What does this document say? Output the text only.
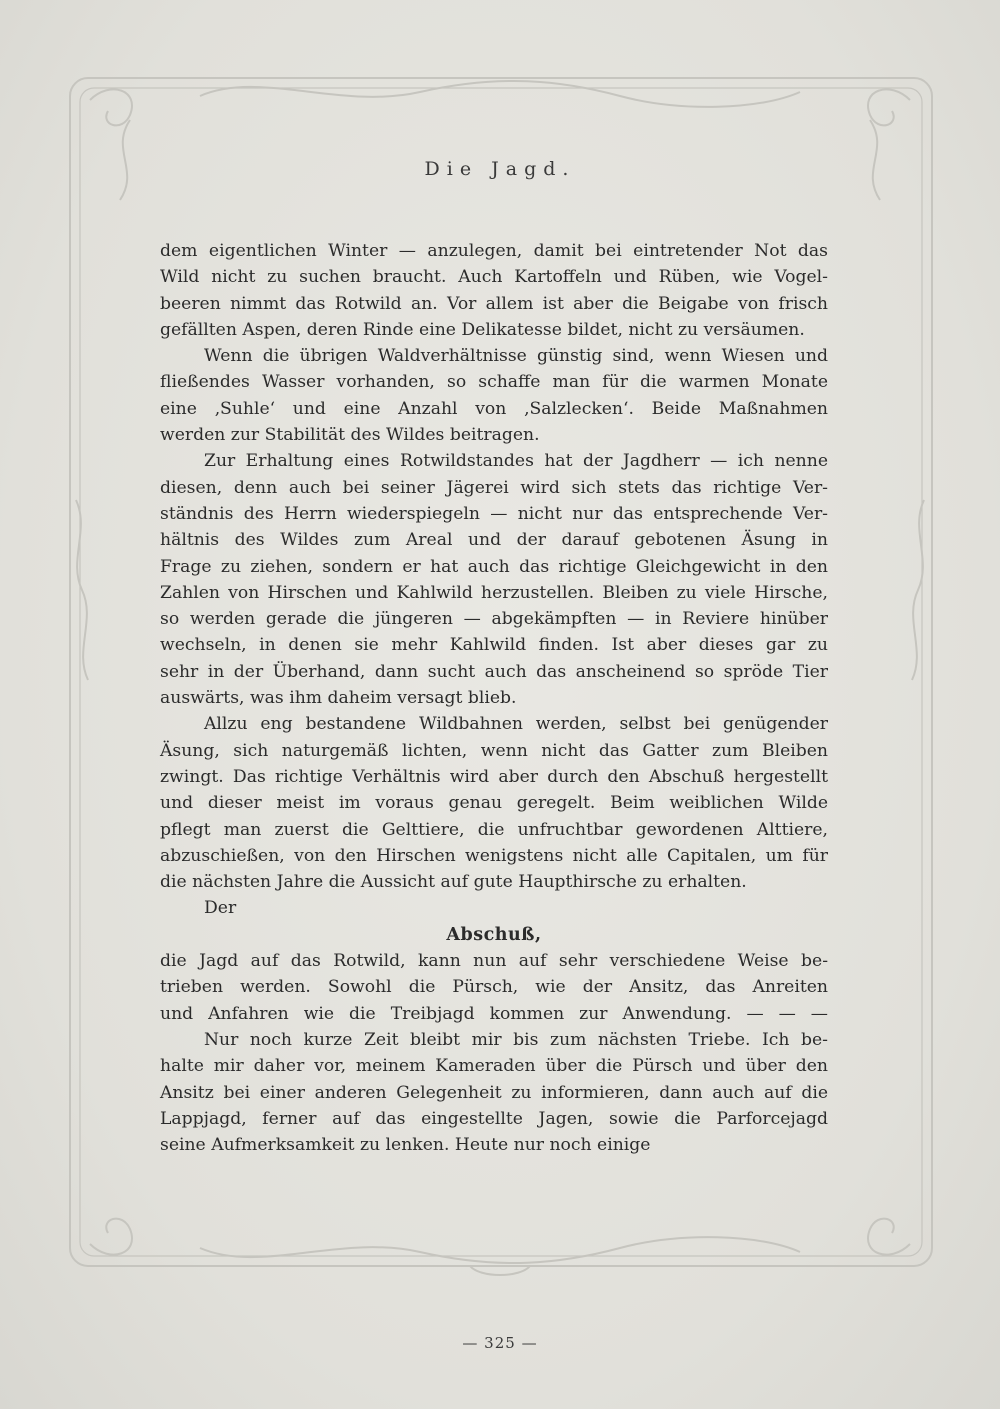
Die Jagd.
dem eigentlichen Winter — anzulegen, damit bei eintretender Not das
Wild nicht zu suchen braucht. Auch Kartoffeln und Rüben, wie Vogel-
beeren nimmt das Rotwild an. Vor allem ist aber die Beigabe von frisch
gefällten Aspen, deren Rinde eine Delikatesse bildet, nicht zu versäumen.
Wenn die übrigen Waldverhältnisse günstig sind, wenn Wiesen und
fließendes Wasser vorhanden, so schaffe man für die warmen Monate
eine ‚Suhle‘ und eine Anzahl von ‚Salzlecken‘. Beide Maßnahmen
werden zur Stabilität des Wildes beitragen.
Zur Erhaltung eines Rotwildstandes hat der Jagdherr — ich nenne
diesen, denn auch bei seiner Jägerei wird sich stets das richtige Ver-
ständnis des Herrn wiederspiegeln — nicht nur das entsprechende Ver-
hältnis des Wildes zum Areal und der darauf gebotenen Äsung in
Frage zu ziehen, sondern er hat auch das richtige Gleichgewicht in den
Zahlen von Hirschen und Kahlwild herzustellen. Bleiben zu viele Hirsche,
so werden gerade die jüngeren — abgekämpften — in Reviere hinüber
wechseln, in denen sie mehr Kahlwild finden. Ist aber dieses gar zu
sehr in der Überhand, dann sucht auch das anscheinend so spröde Tier
auswärts, was ihm daheim versagt blieb.
Allzu eng bestandene Wildbahnen werden, selbst bei genügender
Äsung, sich naturgemäß lichten, wenn nicht das Gatter zum Bleiben
zwingt. Das richtige Verhältnis wird aber durch den Abschuß hergestellt
und dieser meist im voraus genau geregelt. Beim weiblichen Wilde
pflegt man zuerst die Gelttiere, die unfruchtbar gewordenen Alttiere,
abzuschießen, von den Hirschen wenigstens nicht alle Capitalen, um für
die nächsten Jahre die Aussicht auf gute Haupthirsche zu erhalten.
Der
Abschuß,
die Jagd auf das Rotwild, kann nun auf sehr verschiedene Weise be-
trieben werden. Sowohl die Pürsch, wie der Ansitz, das Anreiten
und Anfahren wie die Treibjagd kommen zur Anwendung. — — —
Nur noch kurze Zeit bleibt mir bis zum nächsten Triebe. Ich be-
halte mir daher vor, meinem Kameraden über die Pürsch und über den
Ansitz bei einer anderen Gelegenheit zu informieren, dann auch auf die
Lappjagd, ferner auf das eingestellte Jagen, sowie die Parforcejagd
seine Aufmerksamkeit zu lenken. Heute nur noch einige
— 325 —
